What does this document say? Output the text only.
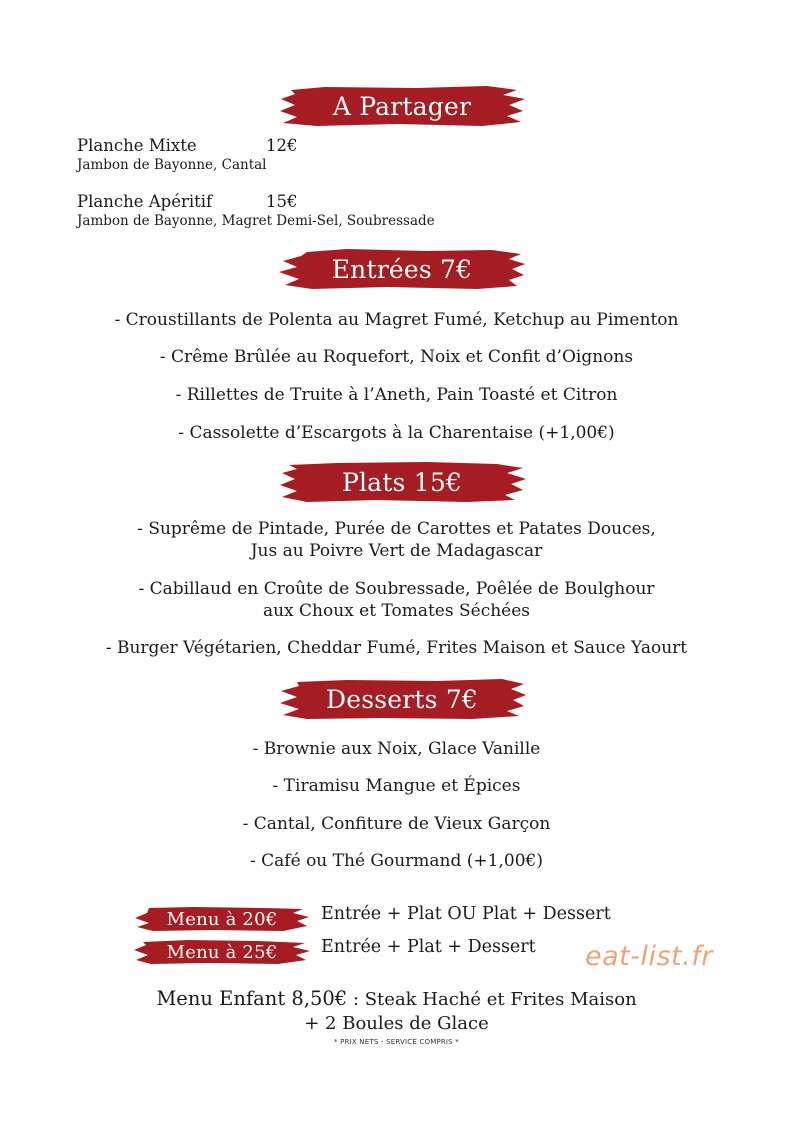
A Partager
Planche Mixte	12€
Jambon de Bayonne, Cantal
Planche Apéritif	15€
Jambon de Bayonne, Magret Demi-Sel, Soubressade
Entrées 7€
- Croustillants de Polenta au Magret Fumé, Ketchup au Pimenton
- Crême Brûlée au Roquefort, Noix et Confit d’Oignons
- Rillettes de Truite à l’Aneth, Pain Toasté et Citron
- Cassolette d’Escargots à la Charentaise (+1,00€)
Plats 15€
- Suprême de Pintade, Purée de Carottes et Patates Douces,
Jus au Poivre Vert de Madagascar
- Cabillaud en Croûte de Soubressade, Poêlée de Boulghour
aux Choux et Tomates Séchées
- Burger Végétarien, Cheddar Fumé, Frites Maison et Sauce Yaourt
Desserts 7€
- Brownie aux Noix, Glace Vanille
- Tiramisu Mangue et Épices
- Cantal, Confiture de Vieux Garçon
- Café ou Thé Gourmand (+1,00€)
Menu à 20€	Entrée + Plat OU Plat + Dessert
Menu à 25€	Entrée + Plat + Dessert eat-list.fr
Menu Enfant 8,50€ : Steak Haché et Frites Maison
+ 2 Boules de Glace
* PRIX NETS - SERVICE COMPRIS *
